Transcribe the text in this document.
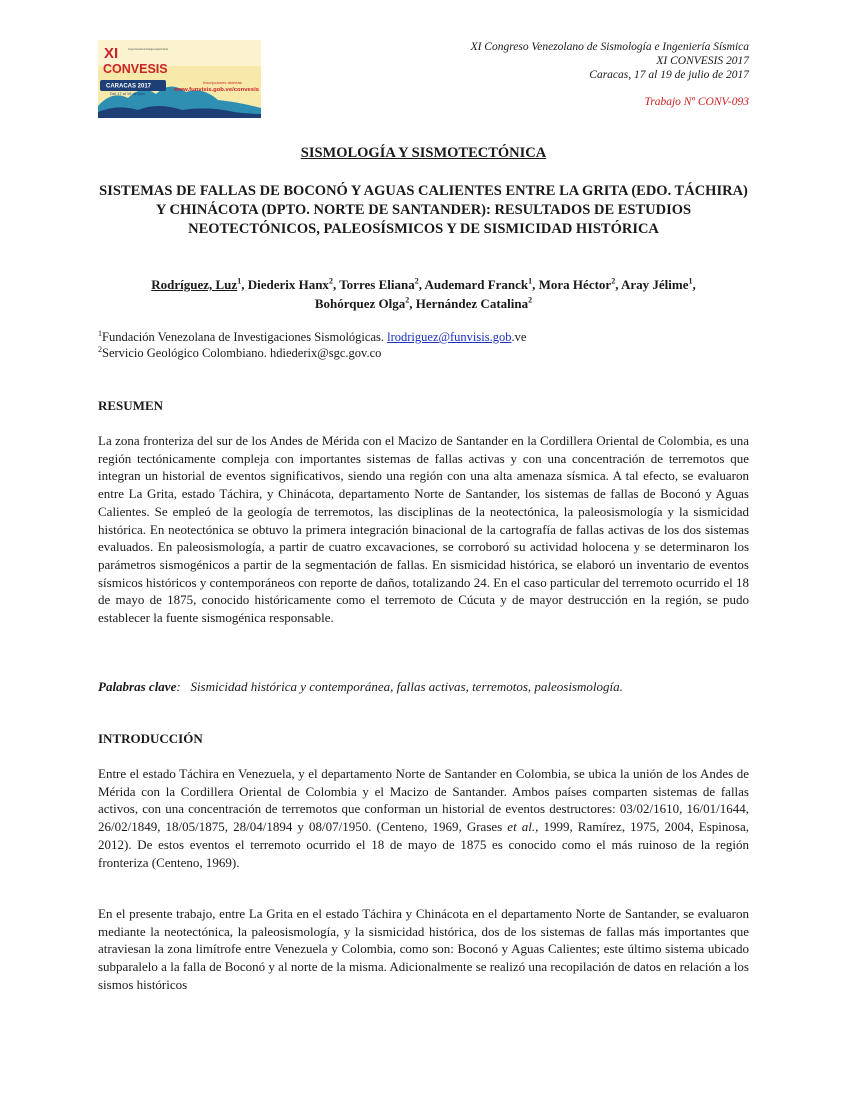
XI
CONVESIS
Congreso Venezolano de Sismología e Ingeniería Sísmica
CARACAS 2017
Del 17 al 19 de julio
Inscripciones abiertas
www.funvisis.gob.ve/convesis
XI Congreso Venezolano de Sismología e Ingeniería Sísmica
XI CONVESIS 2017
Caracas, 17 al 19 de julio de 2017
Trabajo Nº CONV-093
SISMOLOGÍA Y SISMOTECTÓNICA
SISTEMAS DE FALLAS DE BOCONÓ Y AGUAS CALIENTES ENTRE LA GRITA (EDO. TÁCHIRA) Y CHINÁCOTA (DPTO. NORTE DE SANTANDER): RESULTADOS DE ESTUDIOS NEOTECTÓNICOS, PALEOSÍSMICOS Y DE SISMICIDAD HISTÓRICA
Rodríguez, Luz$^1$, Diederix Hanx$^2$, Torres Eliana$^2$, Audemard Franck$^1$, Mora Héctor$^2$, Aray Jélime$^1$,
Bohórquez Olga$^2$, Hernández Catalina$^2$
$^1$Fundación Venezolana de Investigaciones Sismológicas. lrodriguez@funvisis.gob.ve
$^2$Servicio Geológico Colombiano. hdiederix@sgc.gov.co
RESUMEN
La zona fronteriza del sur de los Andes de Mérida con el Macizo de Santander en la Cordillera Oriental de Colombia, es una región tectónicamente compleja con importantes sistemas de fallas activas y con una concentración de terremotos que integran un historial de eventos significativos, siendo una región con una alta amenaza sísmica. A tal efecto, se evaluaron entre La Grita, estado Táchira, y Chinácota, departamento Norte de Santander, los sistemas de fallas de Boconó y Aguas Calientes. Se empleó de la geología de terremotos, las disciplinas de la neotectónica, la paleosismología y la sismicidad histórica. En neotectónica se obtuvo la primera integración binacional de la cartografía de fallas activas de los dos sistemas evaluados. En paleosismología, a partir de cuatro excavaciones, se corroboró su actividad holocena y se determinaron los parámetros sismogénicos a partir de la segmentación de fallas. En sismicidad histórica, se elaboró un inventario de eventos sísmicos históricos y contemporáneos con reporte de daños, totalizando 24. En el caso particular del terremoto ocurrido el 18 de mayo de 1875, conocido históricamente como el terremoto de Cúcuta y de mayor destrucción en la región, se pudo establecer la fuente sismogénica responsable.
Palabras clave: Sismicidad histórica y contemporánea, fallas activas, terremotos, paleosismología.
INTRODUCCIÓN
Entre el estado Táchira en Venezuela, y el departamento Norte de Santander en Colombia, se ubica la unión de los Andes de Mérida con la Cordillera Oriental de Colombia y el Macizo de Santander. Ambos países comparten sistemas de fallas activos, con una concentración de terremotos que conforman un historial de eventos destructores: 03/02/1610, 16/01/1644, 26/02/1849, 18/05/1875, 28/04/1894 y 08/07/1950. (Centeno, 1969, Grases et al., 1999, Ramírez, 1975, 2004, Espinosa, 2012). De estos eventos el terremoto ocurrido el 18 de mayo de 1875 es conocido como el más ruinoso de la región fronteriza (Centeno, 1969).
En el presente trabajo, entre La Grita en el estado Táchira y Chinácota en el departamento Norte de Santander, se evaluaron mediante la neotectónica, la paleosismología, y la sismicidad histórica, dos de los sistemas de fallas más importantes que atraviesan la zona limítrofe entre Venezuela y Colombia, como son: Boconó y Aguas Calientes; este último sistema ubicado subparalelo a la falla de Boconó y al norte de la misma. Adicionalmente se realizó una recopilación de datos en relación a los sismos históricos
